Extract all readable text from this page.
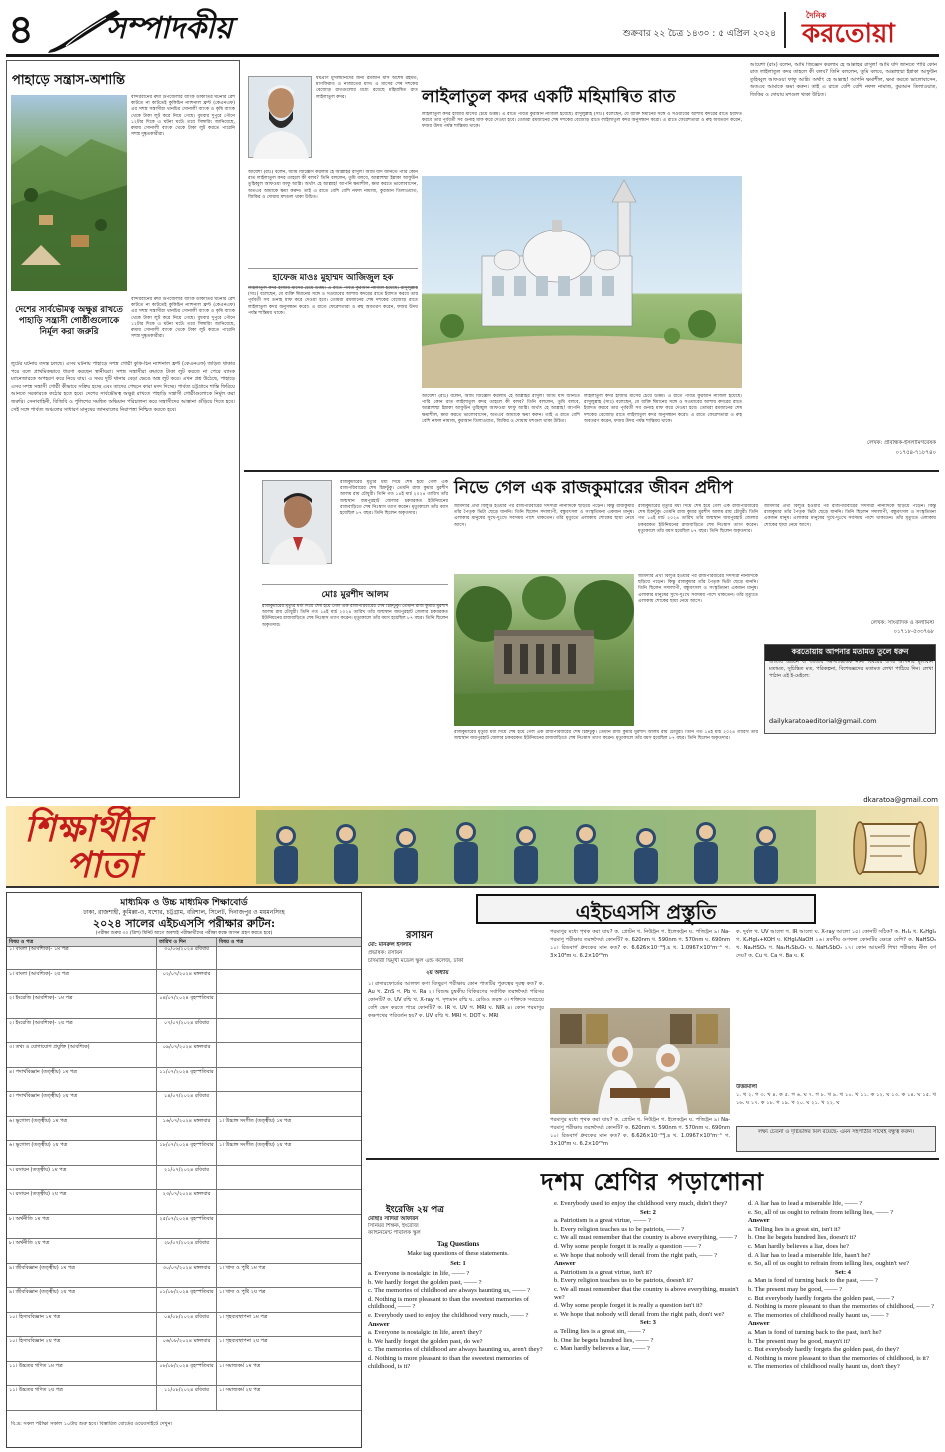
৪ সম্পাদকীয়	শুক্রবার ২২ চৈত্র ১৪৩০ : ৫ এপ্রিল ২০২৪
দৈনিক
করতোয়া
পাহাড়ে সন্ত্রাস-অশান্তি
বান্দরবানের রুমা উপজেলার ব্যাংক ডাকাতির ঘটনার রেশ কাটতে না কাটতেই কুকিচিন ন্যাশনাল ফ্রন্ট (কেএনএফ) এর সশস্ত্র সন্ত্রাসীরা থানচির সোনালী ব্যাংক ও কৃষি ব্যাংক থেকে টাকা লুট করে নিয়ে গেছে। বুধবার দুপুরে পৌনে ১২টার দিকে এ ঘটনা ঘটে। তবে সিঙ্গারিং জানিয়েছে, রুমায় সোনালী ব্যাংক থেকে টাকা লুট করতে পারেনি সশস্ত্র দুষ্কৃতকারীরা।
দেশের সার্বভৌমত্ব অক্ষুণ্ণ রাখতে পাহাড়ি সন্ত্রাসী গোষ্ঠীগুলোকে নির্মূল করা জরুরি
বান্দরবানের রুমা উপজেলার ব্যাংক ডাকাতির ঘটনার রেশ কাটতে না কাটতেই কুকিচিন ন্যাশনাল ফ্রন্ট (কেএনএফ) এর সশস্ত্র সন্ত্রাসীরা থানচির সোনালী ব্যাংক ও কৃষি ব্যাংক থেকে টাকা লুট করে নিয়ে গেছে। বুধবার দুপুরে পৌনে ১২টার দিকে এ ঘটনা ঘটে। তবে সিঙ্গারিং জানিয়েছে, রুমায় সোনালী ব্যাংক থেকে টাকা লুট করতে পারেনি সশস্ত্র দুষ্কৃতকারীরা।
লুটের ঘটনায় তদন্ত চলছে। এসব ঘটনায় পাহাড়ে সশস্ত্র গোষ্ঠী কুকি-চিন ন্যাশনাল ফ্রন্ট (কেএনএফ) জড়িত থাকার পরে বলে প্রাথমিকভাবে ধারণা করছেন স্থানীয়রা। সশস্ত্র সন্ত্রাসীরা রুমাতে টাকা লুট করতে না পেরে ব্যাংক ম্যানেজারকে অপহরণ করে নিয়ে যায়। এ সময় দুটি থানার বেড়া ভেঙে অস্ত্র লুট করে। এখন প্রশ্ন উঠেছে, পাহাড়ে এসব সশস্ত্র সন্ত্রাসী গোষ্ঠী কীভাবে সক্রিয় হচ্ছে এবং তাদের পেছনে কারা মদদ দিচ্ছে। পার্বত্য চট্টগ্রামে শান্তি ফিরিয়ে আনতে সরকারকে কঠোর হতে হবে। দেশের সার্বভৌমত্ব অক্ষুণ্ণ রাখতে পাহাড়ি সন্ত্রাসী গোষ্ঠীগুলোকে নির্মূল করা জরুরি। সেনাবাহিনী, বিজিবি ও পুলিশের সমন্বিত অভিযান পরিচালনা করে সন্ত্রাসীদের আস্তানা গুঁড়িয়ে দিতে হবে। সেই সঙ্গে পার্বত্য অঞ্চলের সাধারণ মানুষের জানমালের নিরাপত্তা নিশ্চিত করতে হবে।
ধর্মপ্রাণ মুসলমানদের জন্য রমজান মাস অশেষ রহমত, মাগফিরাত ও নাজাতের মাস। এ মাসের শেষ দশকের বেজোড় রাতগুলোর মধ্যে রয়েছে মহিমান্বিত রাত লাইলাতুল কদর।	লাইলাতুল কদর একটি মহিমান্বিত রাত
লাইলাতুল কদর হাজার মাসের চেয়ে উত্তম। এ রাতে পবিত্র কুরআন নাজিল হয়েছে। রাসুলুল্লাহ (সাঃ) বলেছেন, যে ব্যক্তি ঈমানের সঙ্গে ও সওয়াবের আশায় কদরের রাতে ইবাদত করবে তার পূর্ববর্তী সব গুনাহ মাফ করে দেওয়া হবে। তোমরা রমজানের শেষ দশকের বেজোড় রাতে লাইলাতুল কদর অনুসন্ধান করো। এ রাতে ফেরেশতারা ও রুহ অবতরণ করেন, ফজর উদয় পর্যন্ত শান্তিময় থাকে।
আয়েশা (রাঃ) বলেন, আমি জিজ্ঞেস করলাম হে আল্লাহর রাসুল! আমি যদি জানতে পারি কোন রাত লাইলাতুল কদর তাহলে কী বলব? তিনি বললেন, তুমি বলবে, আল্লাহুম্মা ইন্নাকা আফুউন তুহিব্বুল আফওয়া ফাফু আন্নি। অর্থাৎ হে আল্লাহ! আপনি ক্ষমাশীল, ক্ষমা করতে ভালোবাসেন, অতএব আমাকে ক্ষমা করুন। তাই এ রাতে বেশি বেশি নফল নামাজ, কুরআন তিলাওয়াত, জিকির ও দোয়ায় মশগুল থাকা উচিত।
হাফেজ মাওঃ মুহাম্মদ আজিজুল হক
লাইলাতুল কদর হাজার মাসের চেয়ে উত্তম। এ রাতে পবিত্র কুরআন নাজিল হয়েছে। রাসুলুল্লাহ (সাঃ) বলেছেন, যে ব্যক্তি ঈমানের সঙ্গে ও সওয়াবের আশায় কদরের রাতে ইবাদত করবে তার পূর্ববর্তী সব গুনাহ মাফ করে দেওয়া হবে। তোমরা রমজানের শেষ দশকের বেজোড় রাতে লাইলাতুল কদর অনুসন্ধান করো। এ রাতে ফেরেশতারা ও রুহ অবতরণ করেন, ফজর উদয় পর্যন্ত শান্তিময় থাকে।
আয়েশা (রাঃ) বলেন, আমি জিজ্ঞেস করলাম হে আল্লাহর রাসুল! আমি যদি জানতে পারি কোন রাত লাইলাতুল কদর তাহলে কী বলব? তিনি বললেন, তুমি বলবে, আল্লাহুম্মা ইন্নাকা আফুউন তুহিব্বুল আফওয়া ফাফু আন্নি। অর্থাৎ হে আল্লাহ! আপনি ক্ষমাশীল, ক্ষমা করতে ভালোবাসেন, অতএব আমাকে ক্ষমা করুন। তাই এ রাতে বেশি বেশি নফল নামাজ, কুরআন তিলাওয়াত, জিকির ও দোয়ায় মশগুল থাকা উচিত।
লাইলাতুল কদর হাজার মাসের চেয়ে উত্তম। এ রাতে পবিত্র কুরআন নাজিল হয়েছে। রাসুলুল্লাহ (সাঃ) বলেছেন, যে ব্যক্তি ঈমানের সঙ্গে ও সওয়াবের আশায় কদরের রাতে ইবাদত করবে তার পূর্ববর্তী সব গুনাহ মাফ করে দেওয়া হবে। তোমরা রমজানের শেষ দশকের বেজোড় রাতে লাইলাতুল কদর অনুসন্ধান করো। এ রাতে ফেরেশতারা ও রুহ অবতরণ করেন, ফজর উদয় পর্যন্ত শান্তিময় থাকে।
আয়েশা (রাঃ) বলেন, আমি জিজ্ঞেস করলাম হে আল্লাহর রাসুল! আমি যদি জানতে পারি কোন রাত লাইলাতুল কদর তাহলে কী বলব? তিনি বললেন, তুমি বলবে, আল্লাহুম্মা ইন্নাকা আফুউন তুহিব্বুল আফওয়া ফাফু আন্নি। অর্থাৎ হে আল্লাহ! আপনি ক্ষমাশীল, ক্ষমা করতে ভালোবাসেন, অতএব আমাকে ক্ষমা করুন। তাই এ রাতে বেশি বেশি নফল নামাজ, কুরআন তিলাওয়াত, জিকির ও দোয়ায় মশগুল থাকা উচিত।
লেখক: প্রাবন্ধিক-ইসলামিগবেষক
০১৭৫৪-৭১৮৭৪০
রাজকুমারের মৃত্যুর মধ্য দিয়ে শেষ হয়ে গেল এক রাজপরিবারের শেষ চিহ্নটুকু। তেমনি রাজ কুমার মুরশীদ আলম রায় চৌধুরী। তিনি গত ১৪ই মার্চ ২০২৪ তারিখ তাঁর জন্মস্থান জয়পুরহাট জেলার চকবরকত ইউনিয়নের রাজবাড়িতে শেষ নিঃশ্বাস ত্যাগ করেন। মৃত্যুকালে তাঁর বয়স হয়েছিল ৮৭ বছর। তিনি ছিলেন অকৃতদার।
নিভে গেল এক রাজকুমারের জীবন প্রদীপ
জমিদারি প্রথা বিলুপ্ত হওয়ার পর রাজপরিবারের সদস্যরা নানাদিকে ছড়িয়ে পড়েন। কিন্তু রাজকুমার তাঁর পৈতৃক ভিটা ছেড়ে যাননি। তিনি ছিলেন সদালাপী, বন্ধুবৎসল ও সংস্কৃতিমনা একজন মানুষ। এলাকার মানুষের সুখে-দুঃখে সবসময় পাশে থাকতেন। তাঁর মৃত্যুতে এলাকায় শোকের ছায়া নেমে আসে।
রাজকুমারের মৃত্যুর মধ্য দিয়ে শেষ হয়ে গেল এক রাজপরিবারের শেষ চিহ্নটুকু। তেমনি রাজ কুমার মুরশীদ আলম রায় চৌধুরী। তিনি গত ১৪ই মার্চ ২০২৪ তারিখ তাঁর জন্মস্থান জয়পুরহাট জেলার চকবরকত ইউনিয়নের রাজবাড়িতে শেষ নিঃশ্বাস ত্যাগ করেন। মৃত্যুকালে তাঁর বয়স হয়েছিল ৮৭ বছর। তিনি ছিলেন অকৃতদার।
জমিদারি প্রথা বিলুপ্ত হওয়ার পর রাজপরিবারের সদস্যরা নানাদিকে ছড়িয়ে পড়েন। কিন্তু রাজকুমার তাঁর পৈতৃক ভিটা ছেড়ে যাননি। তিনি ছিলেন সদালাপী, বন্ধুবৎসল ও সংস্কৃতিমনা একজন মানুষ। এলাকার মানুষের সুখে-দুঃখে সবসময় পাশে থাকতেন। তাঁর মৃত্যুতে এলাকায় শোকের ছায়া নেমে আসে।
মোঃ মুরশীদ আলম
রাজকুমারের মৃত্যুর মধ্য দিয়ে শেষ হয়ে গেল এক রাজপরিবারের শেষ চিহ্নটুকু। তেমনি রাজ কুমার মুরশীদ আলম রায় চৌধুরী। তিনি গত ১৪ই মার্চ ২০২৪ তারিখ তাঁর জন্মস্থান জয়পুরহাট জেলার চকবরকত ইউনিয়নের রাজবাড়িতে শেষ নিঃশ্বাস ত্যাগ করেন। মৃত্যুকালে তাঁর বয়স হয়েছিল ৮৭ বছর। তিনি ছিলেন অকৃতদার।
জমিদারি প্রথা বিলুপ্ত হওয়ার পর রাজপরিবারের সদস্যরা নানাদিকে ছড়িয়ে পড়েন। কিন্তু রাজকুমার তাঁর পৈতৃক ভিটা ছেড়ে যাননি। তিনি ছিলেন সদালাপী, বন্ধুবৎসল ও সংস্কৃতিমনা একজন মানুষ। এলাকার মানুষের সুখে-দুঃখে সবসময় পাশে থাকতেন। তাঁর মৃত্যুতে এলাকায় শোকের ছায়া নেমে আসে।
রাজকুমারের মৃত্যুর মধ্য দিয়ে শেষ হয়ে গেল এক রাজপরিবারের শেষ চিহ্নটুকু। তেমনি রাজ কুমার মুরশীদ আলম রায় চৌধুরী। তিনি গত ১৪ই মার্চ ২০২৪ তারিখ তাঁর জন্মস্থান জয়পুরহাট জেলার চকবরকত ইউনিয়নের রাজবাড়িতে শেষ নিঃশ্বাস ত্যাগ করেন। মৃত্যুকালে তাঁর বয়স হয়েছিল ৮৭ বছর। তিনি ছিলেন অকৃতদার।
লেখক: সাংবাদিক ও কলামিস্ট
০১৭১৮-৫৩৩৭৬৮
করতোয়ায় আপনার মতামত তুলে ধরুন
জাতীয় উন্নয়ন বা জাতীয় সমস্যাভিত্তিক নানা বিষয়ের ওপর আপনার মূল্যবান মতামত, সুচিন্তিত মত, পরিকল্পনা, বিশেষজ্ঞদের মতামত লেখা পাঠিয়ে দিন। লেখা পাঠান এই ই-মেইলে:
dailykaratoaeditorial@gmail.com
dkaratoa@gmail.com
শিক্ষার্থীর
পাতা
মাধ্যমিক ও উচ্চ মাধ্যমিক শিক্ষাবোর্ড
ঢাকা, রাজশাহী, কুমিল্লা-ও, যশোর, চট্টগ্রাম, বরিশাল, সিলেট, দিনাজপুর ও ময়মনসিংহ
২০২৪ সালের এইচএসসি পরীক্ষার রুটিন:
(পরীক্ষা শুরুর ৩০ (ত্রিশ) মিনিট আগে অবশ্যই পরীক্ষার্থীদের পরীক্ষা কক্ষে আসন গ্রহণ করতে হবে)
বিষয় ও পত্র	তারিখ ও দিন	বিষয় ও পত্র
১। বাংলা (আবশ্যিক)- ১ম পত্র	৩০/০৬/২০২৪ রবিবার
১। বাংলা (আবশ্যিক)- ২য় পত্র	০২/০৭/২০২৪ মঙ্গলবার
২। ইংরেজি (আবশ্যিক)- ১ম পত্র	০৪/০৭/২০২৪ বৃহস্পতিবার
২। ইংরেজি (আবশ্যিক)- ২য় পত্র	০৭/০৭/২০২৪ রবিবার
৩। তথ্য ও যোগাযোগ প্রযুক্তি (আবশ্যিক)	০৯/০৭/২০২৪ মঙ্গলবার
৪। পদার্থবিজ্ঞান (তত্ত্বীয়) ১ম পত্র	১১/০৭/২০২৪ বৃহস্পতিবার
৫। পদার্থবিজ্ঞান (তত্ত্বীয়) ২য় পত্র	১৪/০৭/২০২৪ রবিবার
৬। ভূগোল (তত্ত্বীয়) ১ম পত্র	১৬/০৭/২০২৪ মঙ্গলবার	১। উচ্চাঙ্গ সংগীত (তত্ত্বীয়) ১ম পত্র
৬। ভূগোল (তত্ত্বীয়) ২য় পত্র	১৮/০৭/২০২৪ বৃহস্পতিবার	১। উচ্চাঙ্গ সংগীত (তত্ত্বীয়) ২য় পত্র
৭। রসায়ন (তত্ত্বীয়) ১ম পত্র	২১/০৭/২০২৪ রবিবার
৭। রসায়ন (তত্ত্বীয়) ২য় পত্র	২৩/০৭/২০২৪ মঙ্গলবার
৮। অর্থনীতি ১ম পত্র	২৫/০৭/২০২৪ বৃহস্পতিবার
৮। অর্থনীতি ২য় পত্র	২৮/০৭/২০২৪ রবিবার
৯। জীববিজ্ঞান (তত্ত্বীয়) ১ম পত্র	৩০/০৭/২০২৪ মঙ্গলবার	১। খাদ্য ও পুষ্টি ১ম পত্র
৯। জীববিজ্ঞান (তত্ত্বীয়) ২য় পত্র	০১/০৮/২০২৪ বৃহস্পতিবার	১। খাদ্য ও পুষ্টি ২য় পত্র
১০। হিসাববিজ্ঞান ১ম পত্র	০৪/০৮/২০২৪ রবিবার	১। গৃহব্যবস্থাপনা ১ম পত্র
১০। হিসাববিজ্ঞান ২য় পত্র	০৬/০৮/২০২৪ মঙ্গলবার	১। গৃহব্যবস্থাপনা ২য় পত্র
১১। উচ্চতর গণিত ১ম পত্র	০৮/০৮/২০২৪ বৃহস্পতিবার	১। সমাজকর্ম ১ম পত্র
১১। উচ্চতর গণিত ২য় পত্র	১১/০৮/২০২৪ রবিবার	১। সমাজকর্ম ২য় পত্র
বি.দ্র: সকল পরীক্ষা সকাল ১০টায় শুরু হবে। বিস্তারিত বোর্ডের ওয়েবসাইটে দেখুন।
এইচএসসি প্রস্তুতি
রসায়ন
মো: মনিরুল ইসলাম
প্রভাষক: রসায়ন
চাঁদমারী দ্বিমুখী মডেল স্কুল এন্ড কলেজ, ঢাকা
২য় অধ্যায়
১। রাদারফোর্ডের আলফা কণা বিচ্ছুরণ পরীক্ষায় কোন পাতটির পুরুত্বের দূরত্ব কত? ক. Au খ. ZnS গ. Pb খ. Ra ২। বিশুদ্ধ চুম্বকীয় বিকিরণের সর্বাধিক তরঙ্গদৈর্ঘ্য পরিসর কোনটি? ক. UV রশ্মি খ. X-ray গ. দৃশ্যমান রশ্মি ঘ. রেডিও তরঙ্গ ৩। শক্তিকে সবচেয়ে বেশি ভেদ করতে পারে কোনটি? ক. IR খ. UV গ. MRI ঘ. NIR ৪। কোন পরমাণুর কক্ষপথের পরিবর্তন হয়? ক. UV রশ্মি খ. MRI গ. DOT ঘ. MRI
পরমাণুর মধ্যে পৃথক করা যায়? ক. প্রোটন খ. নিউট্রন গ. ইলেকট্রন ঘ. পজিট্রন ৯। Na-পরমাণু পরীক্ষায় তরঙ্গদৈর্ঘ্য কোনটি? ক. 620nm খ. 590nm গ. 570nm ঘ. 690nm ১০। রিডবার্গ ধ্রুবকের মান কত? ক. 6.626×10⁻³⁴J.s খ. 1.0967×10⁷m⁻¹ গ. 3×10⁸m ঘ. 6.2×10²³m
পরমাণুর মধ্যে পৃথক করা যায়? ক. প্রোটন খ. নিউট্রন গ. ইলেকট্রন ঘ. পজিট্রন ৯। Na-পরমাণু পরীক্ষায় তরঙ্গদৈর্ঘ্য কোনটি? ক. 620nm খ. 590nm গ. 570nm ঘ. 690nm ১০। রিডবার্গ ধ্রুবকের মান কত? ক. 6.626×10⁻³⁴J.s খ. 1.0967×10⁷m⁻¹ গ. 3×10⁸m ঘ. 6.2×10²³m
ক. দুর্বল খ. UV আলো গ. IR আলো ঘ. X-ray আলো ১৫। কোনটি সঠিক? ক. H₂I₄ খ. K₂HgI₄ গ. K₂HgI₄+KOH ঘ. KHgI₄NaOH ১৬। দ্রবণীয় গুণফল কোনটির ক্ষেত্রে বেশি? ক. NaHSO₃ খ. Na₂HSO₃ গ. Na₂H₂Sb₂O₇ ঘ. NaH₂SbO₇ ১৭। কোন আয়নটি শিখা পরীক্ষায় নীল বর্ণ দেয়? ক. Cu খ. Ca গ. Ba ঘ. K
উত্তরমালা
১. খ ২. গ ৩. খ ৪. ক ৫. গ ৬. ঘ ৭. গ ৮. খ ৯. খ ১০. খ ১১. ক ১২. ঘ ১৩. ক ১৪. ঘ ১৫. খ ১৬. ঘ ১৭. ক ১৮. গ ১৯. খ ২০. ঘ ২১. খ ২২. ঘ
লক্ষ্য চেতনা ও দৃষ্টিভঙ্গির মিল রয়েছে- এমন সহপাঠীর সাথেই বন্ধুত্ব করুন।
দশম শ্রেণির পড়াশোনা
ইংরেজি ২য় পত্র
মোছাঃ সাদিয়া আফরিন
সিনিয়র শিক্ষক, ইংরেজি
ক্যান্টনমেন্ট পাবলিক স্কুল
Tag Questions
Make tag questions of these statements.
Set: 1
a. Everyone is nostalgic in life, —— ?
b. We hardly forget the golden past, —— ?
c. The memories of childhood are always haunting us, —— ?
d. Nothing is more pleasant to than the sweetest memories of childhood, —— ?
e. Everybody used to enjoy the childhood very much, —— ?
Answer
a. Everyone is nostalgic in life, aren't they?
b. We hardly forget the golden past, do we?
c. The memories of childhood are always haunting us, aren't they?
d. Nothing is more pleasant to than the sweetest memories of childhood, is it?
e. Everybody used to enjoy the childhood very much, didn't they?
Set: 2
a. Patriotism is a great virtue, —— ?
b. Every religion teaches us to be patriots, —— ?
c. We all must remember that the country is above everything, —— ?
d. Why some people forget it is really a question —— ?
e. We hope that nobody will derail from the right path, —— ?
Answer
a. Patriotism is a great virtue, isn't it?
b. Every religion teaches us to be patriots, doesn't it?
c. We all must remember that the country is above everything, mustn't we?
d. Why some people forget it is really a question isn't it?
e. We hope that nobody will derail from the right path, don't we?
Set: 3
a. Telling lies is a great sin, —— ?
b. One lie begets hundred lies, —— ?
c. Man hardly believes a liar, —— ?
d. A liar has to lead a miserable life, —— ?
e. So, all of us ought to refrain from telling lies, —— ?
Answer
a. Telling lies is a great sin, isn't it?
b. One lie begets hundred lies, doesn't it?
c. Man hardly believes a liar, does he?
d. A liar has to lead a miserable life, hasn't he?
e. So, all of us ought to refrain from telling lies, oughtn't we?
Set: 4
a. Man is fond of turning back to the past, —— ?
b. The present may be good, —— ?
c. But everybody hardly forgets the golden past, —— ?
d. Nothing is more pleasant to than the memories of childhood, —— ?
e. The memories of childhood really haunt us, —— ?
Answer
a. Man is fond of turning back to the past, isn't he?
b. The present may be good, mayn't it?
c. But everybody hardly forgets the golden past, do they?
d. Nothing is more pleasant to than the memories of childhood, is it?
e. The memories of childhood really haunt us, don't they?
